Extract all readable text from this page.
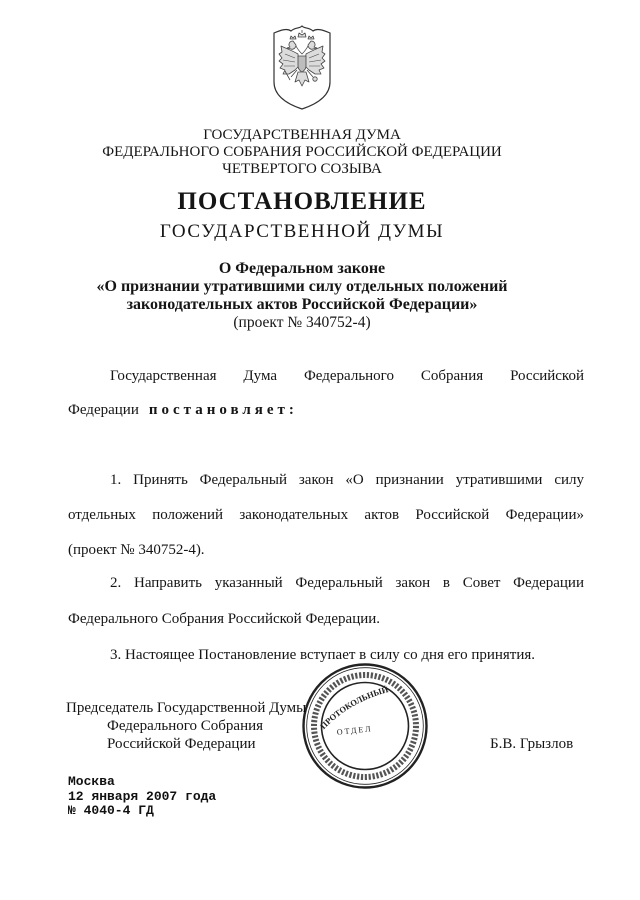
ГОСУДАРСТВЕННАЯ ДУМА
ФЕДЕРАЛЬНОГО СОБРАНИЯ РОССИЙСКОЙ ФЕДЕРАЦИИ
ЧЕТВЕРТОГО СОЗЫВА
ПОСТАНОВЛЕНИЕ
ГОСУДАРСТВЕННОЙ ДУМЫ
О Федеральном законе
«О признании утратившими силу отдельных положений
законодательных актов Российской Федерации»
(проект № 340752-4)
Государственная Дума Федерального Собрания Российской
Федерации постановляет:
1. Принять Федеральный закон «О признании утратившими силу
отдельных положений законодательных актов Российской Федерации»
(проект № 340752-4).
2. Направить указанный Федеральный закон в Совет Федерации
Федерального Собрания Российской Федерации.
3. Настоящее Постановление вступает в силу со дня его принятия.
Председатель Государственной Думы
Федерального Собрания
Российской Федерации	Б.В. Грызлов
ПРОТОКОЛЬНЫЙ
ОТДЕЛ
Москва
12 января 2007 года
№ 4040-4 ГД
